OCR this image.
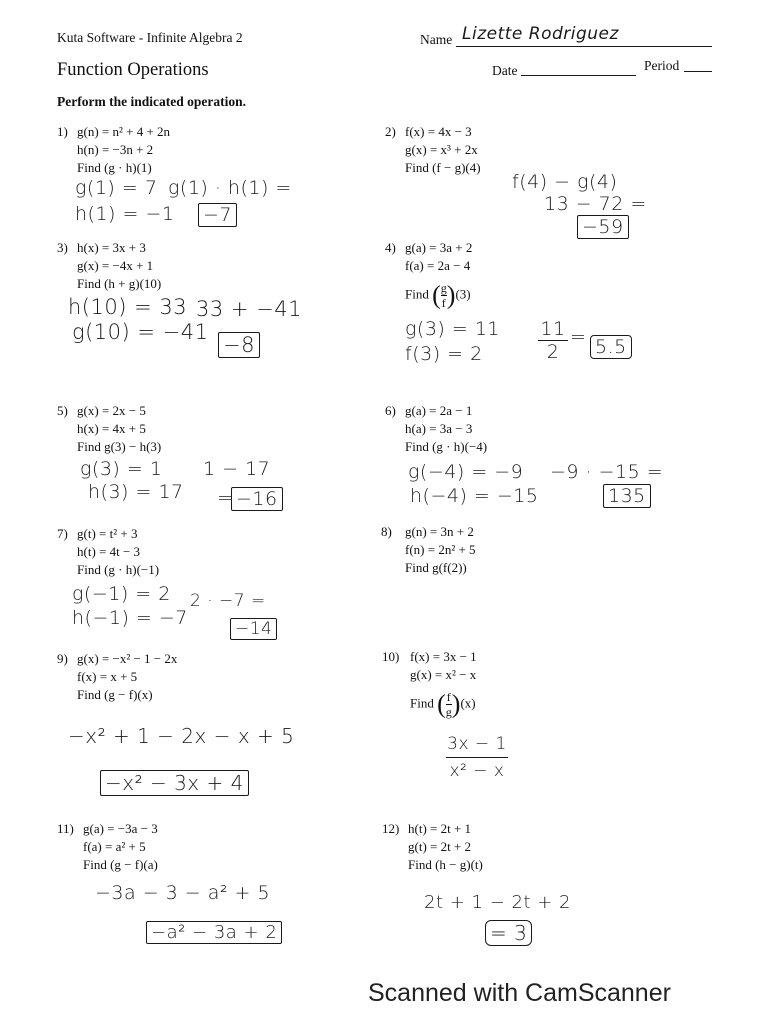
Kuta Software - Infinite Algebra 2	Name Lizette Rodriguez
Function Operations	Date	Period
Perform the indicated operation.
1) g(n) = n² + 4 + 2n
h(n) = −3n + 2
Find (g · h)(1)
2) f(x) = 4x − 3
g(x) = x³ + 2x
Find (f − g)(4)
3) h(x) = 3x + 3
g(x) = −4x + 1
Find (h + g)(10)
4) g(a) = 3a + 2
f(a) = 2a − 4
Find ( $\frac{g}{f} )(3)$
5) g(x) = 2x − 5
h(x) = 4x + 5
Find g(3) − h(3)
6) g(a) = 2a − 1
h(a) = 3a − 3
Find (g · h)(−4)
7) g(t) = t² + 3
h(t) = 4t − 3
Find (g · h)(−1)
8) g(n) = 3n + 2
f(n) = 2n² + 5
Find g(f(2))
9) g(x) = −x² − 1 − 2x
f(x) = x + 5
Find (g − f)(x)
10) f(x) = 3x − 1
g(x) = x² − x
Find ( $\frac{f}{g} )(x)$
11) g(a) = −3a − 3
f(a) = a² + 5
Find (g − f)(a)
12) h(t) = 2t + 1
g(t) = 2t + 2
Find (h − g)(t)
g(1) = 7 g(1) · h(1) =
h(1) = −1 −7
f(4) − g(4)
13 − 72 =
−59
h(10) = 33 33 + −41
g(10) = −41
−8
g(3) = 11
f(3) = 2
11
2
= 5.5
g(3) = 1 1 − 17
h(3) = 17 = −16
g(−4) = −9 −9 · −15 =
h(−4) = −15	135
g(−1) = 2 2 · −7 =
h(−1) = −7	−14
−x² + 1 − 2x − x + 5
−x² − 3x + 4
3x − 1
x² − x
−3a − 3 − a² + 5
−a² − 3a + 2
2t + 1 − 2t + 2
= 3
Scanned with CamScanner
